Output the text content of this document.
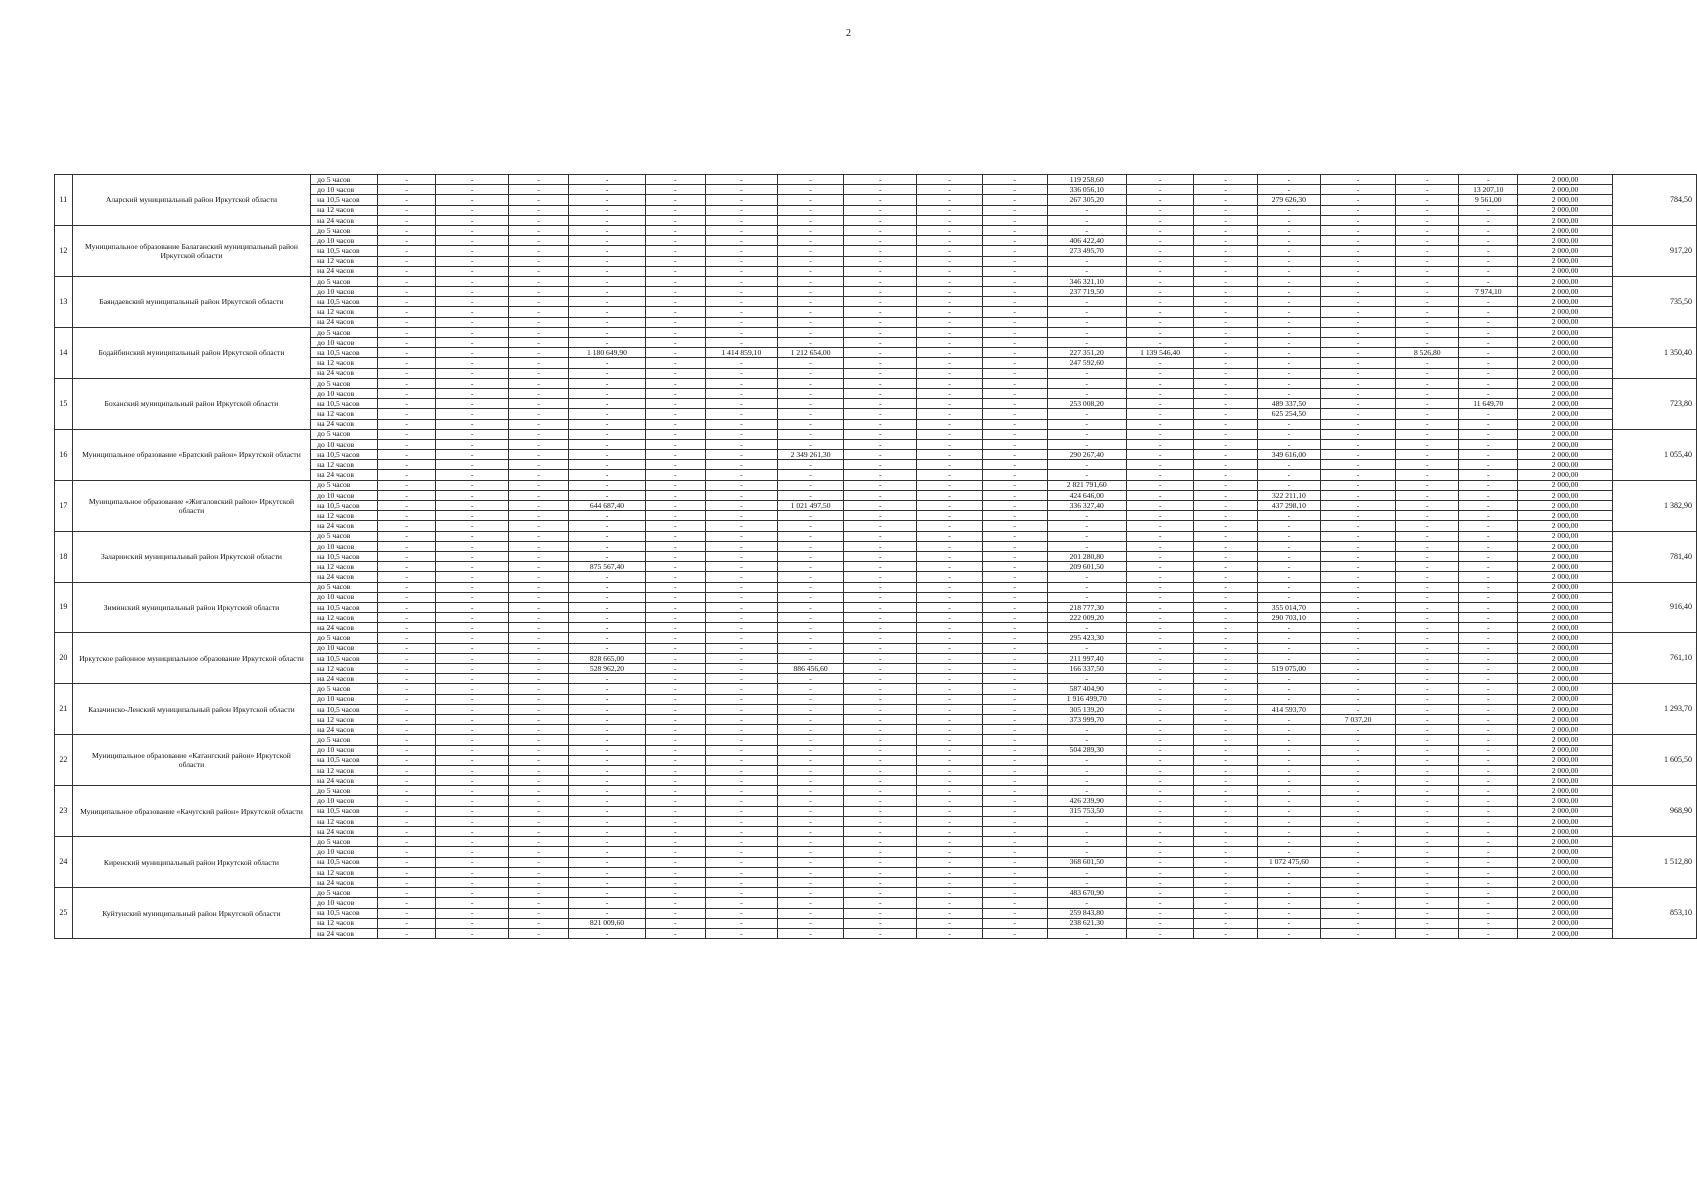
2
11	Аларский муниципальный район Иркутской области	до 5 часов	-	-	-	-	-	-	-	-	-	-	119 258,60	-	-	-	-	-	-	2 000,00	784,50
		до 10 часов	-	-	-	-	-	-	-	-	-	-	336 056,10	-	-	-	-	-	13 207,10	2 000,00	
		на 10,5 часов	-	-	-	-	-	-	-	-	-	-	267 305,20	-	-	279 626,30	-	-	9 561,00	2 000,00	
		на 12 часов	-	-	-	-	-	-	-	-	-	-	-	-	-	-	-	-	-	2 000,00	
		на 24 часов	-	-	-	-	-	-	-	-	-	-	-	-	-	-	-	-	-	2 000,00	
12	Муниципальное образование Балаганский муниципальный район Иркутской области	до 5 часов	-	-	-	-	-	-	-	-	-	-	-	-	-	-	-	-	-	2 000,00	917,20
		до 10 часов	-	-	-	-	-	-	-	-	-	-	406 422,40	-	-	-	-	-	-	2 000,00	
		на 10,5 часов	-	-	-	-	-	-	-	-	-	-	273 495,70	-	-	-	-	-	-	2 000,00	
		на 12 часов	-	-	-	-	-	-	-	-	-	-	-	-	-	-	-	-	-	2 000,00	
		на 24 часов	-	-	-	-	-	-	-	-	-	-	-	-	-	-	-	-	-	2 000,00	
13	Баяндаевский муниципальный район Иркутской области	до 5 часов	-	-	-	-	-	-	-	-	-	-	346 321,10	-	-	-	-	-	-	2 000,00	735,50
		до 10 часов	-	-	-	-	-	-	-	-	-	-	237 719,50	-	-	-	-	-	7 974,10	2 000,00	
		на 10,5 часов	-	-	-	-	-	-	-	-	-	-	-	-	-	-	-	-	-	2 000,00	
		на 12 часов	-	-	-	-	-	-	-	-	-	-	-	-	-	-	-	-	-	2 000,00	
		на 24 часов	-	-	-	-	-	-	-	-	-	-	-	-	-	-	-	-	-	2 000,00	
14	Бодайбинский муниципальный район Иркутской области	до 5 часов	-	-	-	-	-	-	-	-	-	-	-	-	-	-	-	-	-	2 000,00	1 350,40
		до 10 часов	-	-	-	-	-	-	-	-	-	-	-	-	-	-	-	-	-	2 000,00	
		на 10,5 часов	-	-	-	1 180 649,90	-	1 414 859,10	1 212 654,00	-	-	-	227 351,20	1 139 546,40	-	-	-	8 526,80	-	2 000,00	
		на 12 часов	-	-	-	-	-	-	-	-	-	-	247 592,60	-	-	-	-	-	-	2 000,00	
		на 24 часов	-	-	-	-	-	-	-	-	-	-	-	-	-	-	-	-	-	2 000,00	
15	Боханский муниципальный район Иркутской области	до 5 часов	-	-	-	-	-	-	-	-	-	-	-	-	-	-	-	-	-	2 000,00	723,80
		до 10 часов	-	-	-	-	-	-	-	-	-	-	-	-	-	-	-	-	-	2 000,00	
		на 10,5 часов	-	-	-	-	-	-	-	-	-	-	253 008,20	-	-	489 337,50	-	-	11 649,70	2 000,00	
		на 12 часов	-	-	-	-	-	-	-	-	-	-	-	-	-	625 254,50	-	-	-	2 000,00	
		на 24 часов	-	-	-	-	-	-	-	-	-	-	-	-	-	-	-	-	-	2 000,00	
16	Муниципальное образование «Братский район» Иркутской области	до 5 часов	-	-	-	-	-	-	-	-	-	-	-	-	-	-	-	-	-	2 000,00	1 055,40
		до 10 часов	-	-	-	-	-	-	-	-	-	-	-	-	-	-	-	-	-	2 000,00	
		на 10,5 часов	-	-	-	-	-	-	2 349 261,30	-	-	-	290 267,40	-	-	349 616,00	-	-	-	2 000,00	
		на 12 часов	-	-	-	-	-	-	-	-	-	-	-	-	-	-	-	-	-	2 000,00	
		на 24 часов	-	-	-	-	-	-	-	-	-	-	-	-	-	-	-	-	-	2 000,00	
17	Муниципальное образование «Жигаловский район» Иркутской области	до 5 часов	-	-	-	-	-	-	-	-	-	-	2 821 791,60	-	-	-	-	-	-	2 000,00	1 382,90
		до 10 часов	-	-	-	-	-	-	-	-	-	-	424 646,00	-	-	322 211,10	-	-	-	2 000,00	
		на 10,5 часов	-	-	-	644 687,40	-	-	1 021 497,50	-	-	-	336 327,40	-	-	437 298,10	-	-	-	2 000,00	
		на 12 часов	-	-	-	-	-	-	-	-	-	-	-	-	-	-	-	-	-	2 000,00	
		на 24 часов	-	-	-	-	-	-	-	-	-	-	-	-	-	-	-	-	-	2 000,00	
18	Заларинский муниципальный район Иркутской области	до 5 часов	-	-	-	-	-	-	-	-	-	-	-	-	-	-	-	-	-	2 000,00	781,40
		до 10 часов	-	-	-	-	-	-	-	-	-	-	-	-	-	-	-	-	-	2 000,00	
		на 10,5 часов	-	-	-	-	-	-	-	-	-	-	201 280,80	-	-	-	-	-	-	2 000,00	
		на 12 часов	-	-	-	875 567,40	-	-	-	-	-	-	209 601,50	-	-	-	-	-	-	2 000,00	
		на 24 часов	-	-	-	-	-	-	-	-	-	-	-	-	-	-	-	-	-	2 000,00	
19	Зиминский муниципальный район Иркутской области	до 5 часов	-	-	-	-	-	-	-	-	-	-	-	-	-	-	-	-	-	2 000,00	916,40
		до 10 часов	-	-	-	-	-	-	-	-	-	-	-	-	-	-	-	-	-	2 000,00	
		на 10,5 часов	-	-	-	-	-	-	-	-	-	-	218 777,30	-	-	355 014,70	-	-	-	2 000,00	
		на 12 часов	-	-	-	-	-	-	-	-	-	-	222 009,20	-	-	290 703,10	-	-	-	2 000,00	
		на 24 часов	-	-	-	-	-	-	-	-	-	-	-	-	-	-	-	-	-	2 000,00	
20	Иркутское районное муниципальное образование Иркутской области	до 5 часов	-	-	-	-	-	-	-	-	-	-	295 423,30	-	-	-	-	-	-	2 000,00	761,10
		до 10 часов	-	-	-	-	-	-	-	-	-	-	-	-	-	-	-	-	-	2 000,00	
		на 10,5 часов	-	-	-	828 665,00	-	-	-	-	-	-	211 997,40	-	-	-	-	-	-	2 000,00	
		на 12 часов	-	-	-	528 962,20	-	-	886 456,60	-	-	-	166 337,50	-	-	519 075,00	-	-	-	2 000,00	
		на 24 часов	-	-	-	-	-	-	-	-	-	-	-	-	-	-	-	-	-	2 000,00	
21	Казачинско-Ленский муниципальный район Иркутской области	до 5 часов	-	-	-	-	-	-	-	-	-	-	587 404,90	-	-	-	-	-	-	2 000,00	1 293,70
		до 10 часов	-	-	-	-	-	-	-	-	-	-	1 916 499,70	-	-	-	-	-	-	2 000,00	
		на 10,5 часов	-	-	-	-	-	-	-	-	-	-	305 139,20	-	-	414 593,70	-	-	-	2 000,00	
		на 12 часов	-	-	-	-	-	-	-	-	-	-	373 999,70	-	-	-	7 037,20	-	-	2 000,00	
		на 24 часов	-	-	-	-	-	-	-	-	-	-	-	-	-	-	-	-	-	2 000,00	
22	Муниципальное образование «Катангский район» Иркутской области	до 5 часов	-	-	-	-	-	-	-	-	-	-	-	-	-	-	-	-	-	2 000,00	1 605,50
		до 10 часов	-	-	-	-	-	-	-	-	-	-	504 289,30	-	-	-	-	-	-	2 000,00	
		на 10,5 часов	-	-	-	-	-	-	-	-	-	-	-	-	-	-	-	-	-	2 000,00	
		на 12 часов	-	-	-	-	-	-	-	-	-	-	-	-	-	-	-	-	-	2 000,00	
		на 24 часов	-	-	-	-	-	-	-	-	-	-	-	-	-	-	-	-	-	2 000,00	
23	Муниципальное образование «Качугский район» Иркутской области	до 5 часов	-	-	-	-	-	-	-	-	-	-	-	-	-	-	-	-	-	2 000,00	968,90
		до 10 часов	-	-	-	-	-	-	-	-	-	-	426 239,90	-	-	-	-	-	-	2 000,00	
		на 10,5 часов	-	-	-	-	-	-	-	-	-	-	315 753,50	-	-	-	-	-	-	2 000,00	
		на 12 часов	-	-	-	-	-	-	-	-	-	-	-	-	-	-	-	-	-	2 000,00	
		на 24 часов	-	-	-	-	-	-	-	-	-	-	-	-	-	-	-	-	-	2 000,00	
24	Киренский муниципальный район Иркутской области	до 5 часов	-	-	-	-	-	-	-	-	-	-	-	-	-	-	-	-	-	2 000,00	1 512,80
		до 10 часов	-	-	-	-	-	-	-	-	-	-	-	-	-	-	-	-	-	2 000,00	
		на 10,5 часов	-	-	-	-	-	-	-	-	-	-	368 601,50	-	-	1 072 475,60	-	-	-	2 000,00	
		на 12 часов	-	-	-	-	-	-	-	-	-	-	-	-	-	-	-	-	-	2 000,00	
		на 24 часов	-	-	-	-	-	-	-	-	-	-	-	-	-	-	-	-	-	2 000,00	
25	Куйтунский муниципальный район Иркутской области	до 5 часов	-	-	-	-	-	-	-	-	-	-	483 670,90	-	-	-	-	-	-	2 000,00	853,10
		до 10 часов	-	-	-	-	-	-	-	-	-	-	-	-	-	-	-	-	-	2 000,00	
		на 10,5 часов	-	-	-	-	-	-	-	-	-	-	259 843,80	-	-	-	-	-	-	2 000,00	
		на 12 часов	-	-	-	821 009,60	-	-	-	-	-	-	238 621,30	-	-	-	-	-	-	2 000,00	
		на 24 часов	-	-	-	-	-	-	-	-	-	-	-	-	-	-	-	-	-	2 000,00	
